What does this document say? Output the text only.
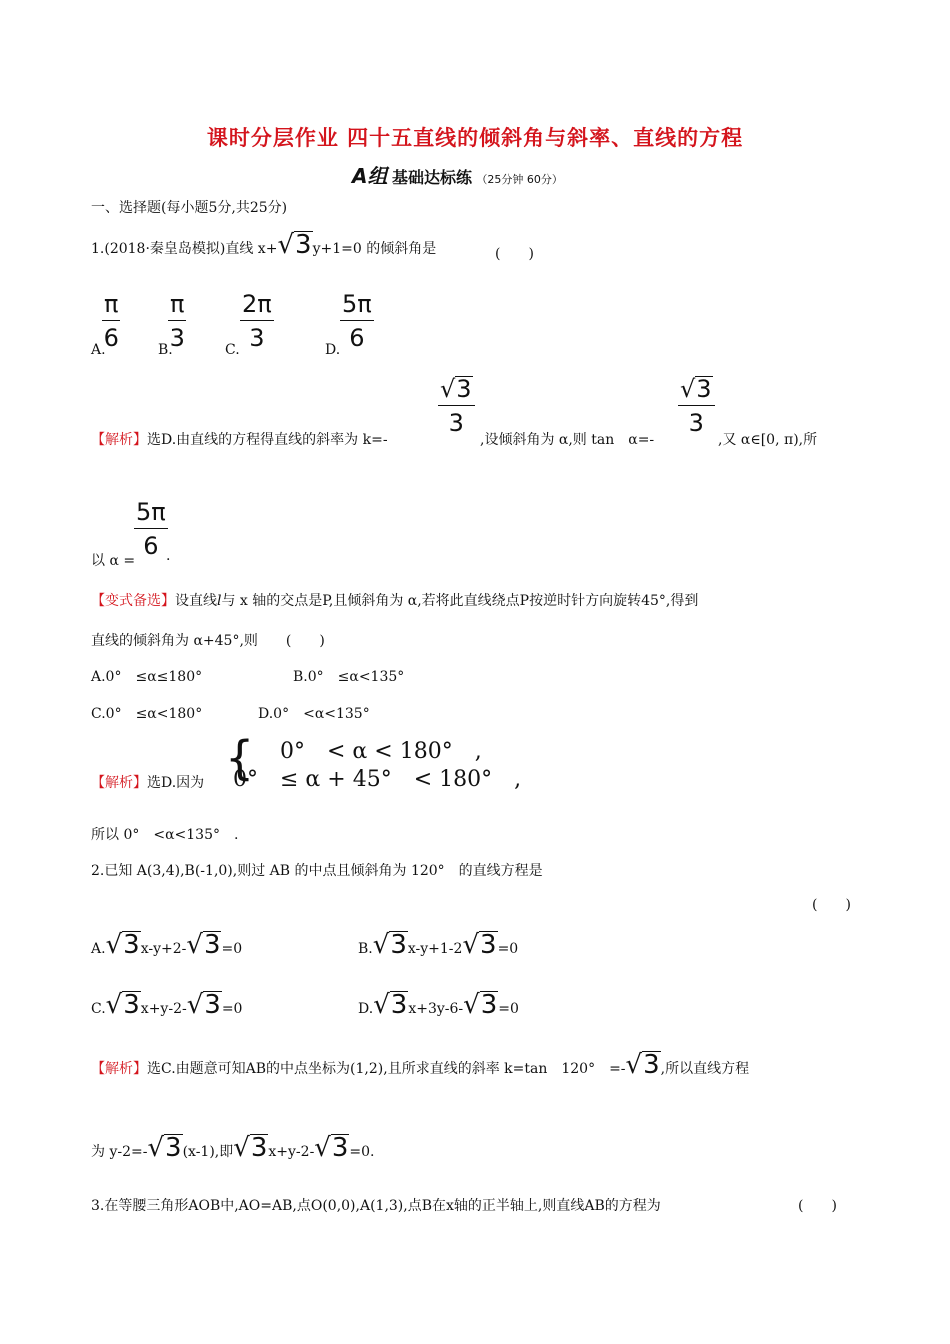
课时分层作业 四十五直线的倾斜角与斜率、直线的方程
A组 基础达标练 （25分钟 60分）
一、选择题(每小题5分,共25分)
1.(2018·秦皇岛模拟)直线 x+√3y+1=0 的倾斜角是	(　　)
A.
$\frac{\pi}{6}$	B.
$\frac{\pi}{3}$	C. $\frac{2\pi}{3}$	D. $\frac{5\pi}{6}$
【解析】选D.由直线的方程得直线的斜率为 k=-
$\frac{√3}{3}$
,设倾斜角为 α,则 tan　α=-
$\frac{√3}{3}$
,又 α∈[0, π),所
以 α =
$\frac{5\pi}{6}$
.
【变式备选】设直线l与 x 轴的交点是P,且倾斜角为 α,若将此直线绕点P按逆时针方向旋转45°,得到
直线的倾斜角为 α+45°,则　　(　　)
A.0°　≤α≤180°	B.0°　≤α<135°
C.0°　≤α<180°	D.0°　<α<135°
【解析】选D.因为 { 0°　< α < 180°　,
0°　≤ α + 45°　< 180°　,
所以 0°　<α<135°　.
2.已知 A(3,4),B(-1,0),则过 AB 的中点且倾斜角为 120°　的直线方程是
(　　)
A.√3x-y+2-√3=0	B.√3x-y+1-2√3=0
C.√3x+y-2-√3=0	D.√3x+3y-6-√3=0
【解析】选C.由题意可知AB的中点坐标为(1,2),且所求直线的斜率 k=tan　120°　=-√3,所以直线方程
为 y-2=-√3(x-1),即√3x+y-2-√3=0.
3.在等腰三角形AOB中,AO=AB,点O(0,0),A(1,3),点B在x轴的正半轴上,则直线AB的方程为	(　　)
